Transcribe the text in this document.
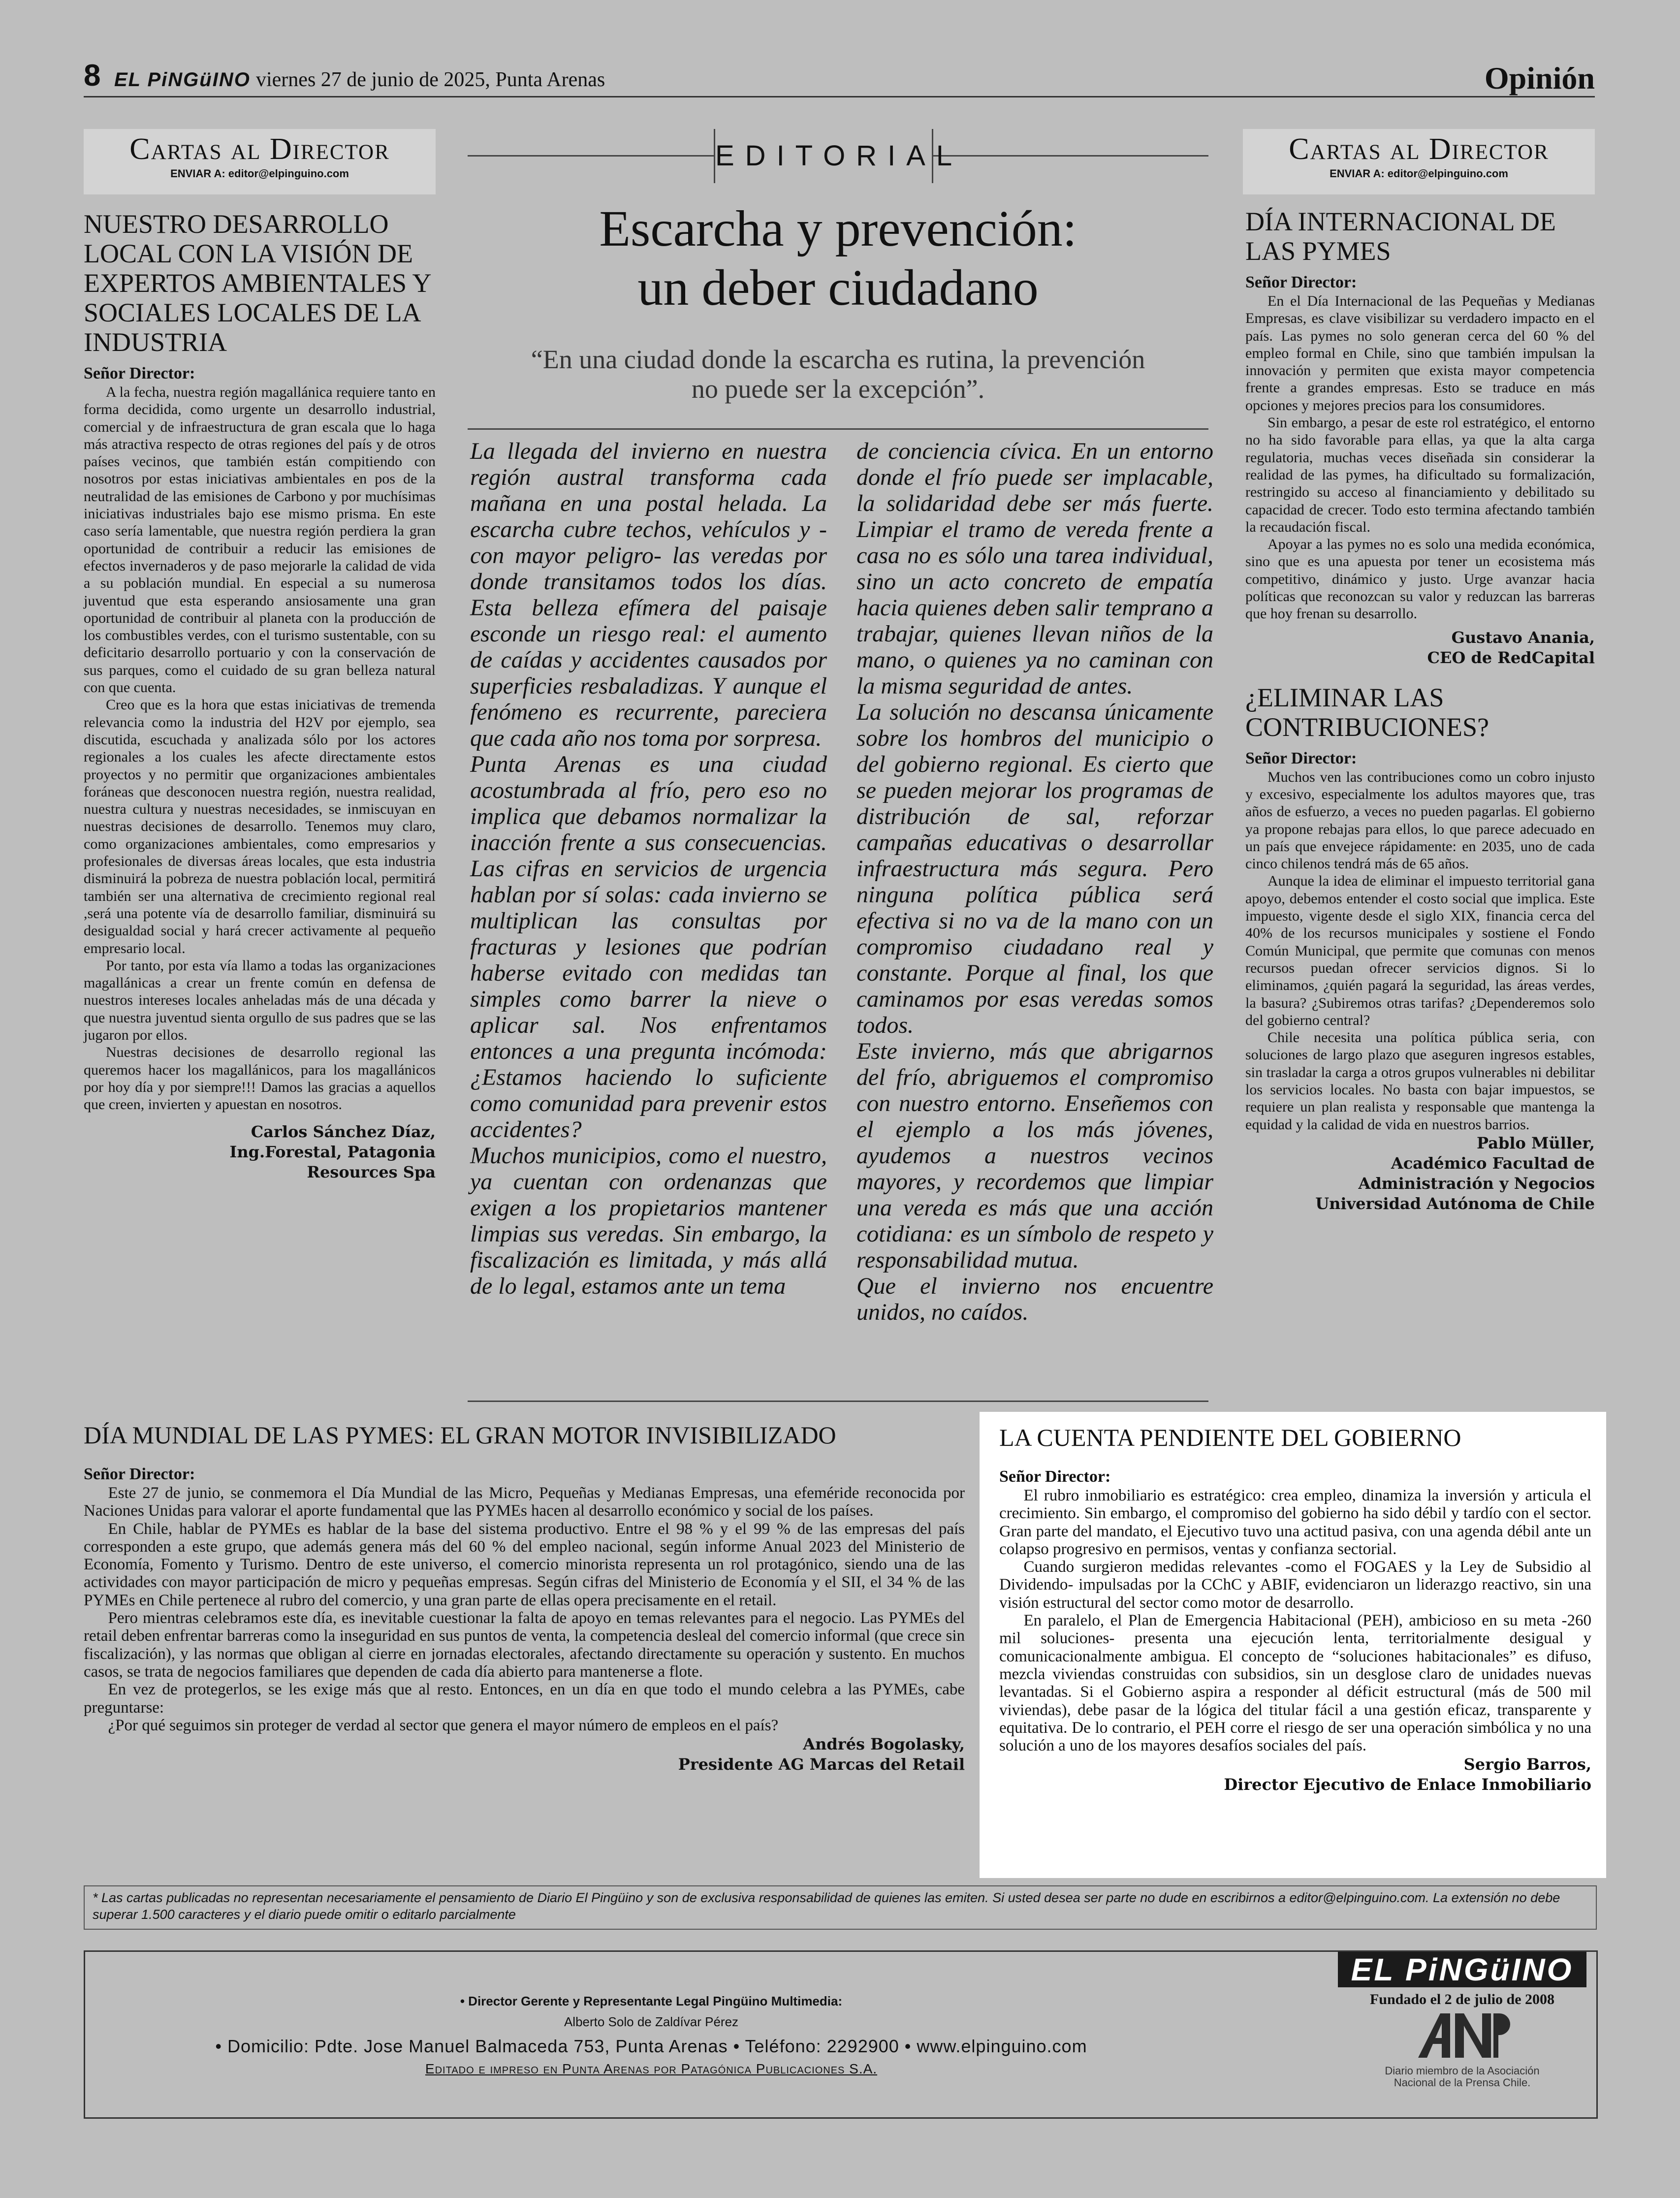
8 EL PiNGüINO viernes 27 de junio de 2025, Punta Arenas	Opinión
Cartas al Director
ENVIAR A: editor@elpinguino.com
NUESTRO DESARROLLO LOCAL CON LA VISIÓN DE EXPERTOS AMBIENTALES Y SOCIALES LOCALES DE LA INDUSTRIA
Señor Director:

A la fecha, nuestra región magallánica requiere tanto en forma decidida, como urgente un desarrollo industrial, comercial y de infraestructura de gran escala que lo haga más atractiva respecto de otras regiones del país y de otros países vecinos, que también están compitiendo con nosotros por estas iniciativas ambientales en pos de la neutralidad de las emisiones de Carbono y por muchísimas iniciativas industriales bajo ese mismo prisma. En este caso sería lamentable, que nuestra región perdiera la gran oportunidad de contribuir a reducir las emisiones de efectos invernaderos y de paso mejorarle la calidad de vida a su población mundial. En especial a su numerosa juventud que esta esperando ansiosamente una gran oportunidad de contribuir al planeta con la producción de los combustibles verdes, con el turismo sustentable, con su deficitario desarrollo portuario y con la conservación de sus parques, como el cuidado de su gran belleza natural con que cuenta.

Creo que es la hora que estas iniciativas de tremenda relevancia como la industria del H2V por ejemplo, sea discutida, escuchada y analizada sólo por los actores regionales a los cuales les afecte directamente estos proyectos y no permitir que organizaciones ambientales foráneas que desconocen nuestra región, nuestra realidad, nuestra cultura y nuestras necesidades, se inmiscuyan en nuestras decisiones de desarrollo. Tenemos muy claro, como organizaciones ambientales, como empresarios y profesionales de diversas áreas locales, que esta industria disminuirá la pobreza de nuestra población local, permitirá también ser una alternativa de crecimiento regional real ,será una potente vía de desarrollo familiar, disminuirá su desigualdad social y hará crecer activamente al pequeño empresario local.

Por tanto, por esta vía llamo a todas las organizaciones magallánicas a crear un frente común en defensa de nuestros intereses locales anheladas más de una década y que nuestra juventud sienta orgullo de sus padres que se las jugaron por ellos.

Nuestras decisiones de desarrollo regional las queremos hacer los magallánicos, para los magallánicos por hoy día y por siempre!!! Damos las gracias a aquellos que creen, invierten y apuestan en nosotros.

Carlos Sánchez Díaz,
Ing.Forestal, Patagonia
Resources Spa
EDITORIAL
Escarcha y prevención:
un deber ciudadano
“En una ciudad donde la escarcha es rutina, la prevención
no puede ser la excepción”.

La llegada del invierno en nuestra región austral transforma cada mañana en una postal helada. La escarcha cubre techos, vehículos y -con mayor peligro- las veredas por donde transitamos todos los días. Esta belleza efímera del paisaje esconde un riesgo real: el aumento de caídas y accidentes causados por superficies resbaladizas. Y aunque el fenómeno es recurrente, pareciera que cada año nos toma por sorpresa.

Punta Arenas es una ciudad acostumbrada al frío, pero eso no implica que debamos normalizar la inacción frente a sus consecuencias. Las cifras en servicios de urgencia hablan por sí solas: cada invierno se multiplican las consultas por fracturas y lesiones que podrían haberse evitado con medidas tan simples como barrer la nieve o aplicar sal. Nos enfrentamos entonces a una pregunta incómoda: ¿Estamos haciendo lo suficiente como comunidad para prevenir estos accidentes?

Muchos municipios, como el nuestro, ya cuentan con ordenanzas que exigen a los propietarios mantener limpias sus veredas. Sin embargo, la fiscalización es limitada, y más allá de lo legal, estamos ante un tema

de conciencia cívica. En un entorno donde el frío puede ser implacable, la solidaridad debe ser más fuerte. Limpiar el tramo de vereda frente a casa no es sólo una tarea individual, sino un acto concreto de empatía hacia quienes deben salir temprano a trabajar, quienes llevan niños de la mano, o quienes ya no caminan con la misma seguridad de antes.

La solución no descansa únicamente sobre los hombros del municipio o del gobierno regional. Es cierto que se pueden mejorar los programas de distribución de sal, reforzar campañas educativas o desarrollar infraestructura más segura. Pero ninguna política pública será efectiva si no va de la mano con un compromiso ciudadano real y constante. Porque al final, los que caminamos por esas veredas somos todos.

Este invierno, más que abrigarnos del frío, abriguemos el compromiso con nuestro entorno. Enseñemos con el ejemplo a los más jóvenes, ayudemos a nuestros vecinos mayores, y recordemos que limpiar una vereda es más que una acción cotidiana: es un símbolo de respeto y responsabilidad mutua.

Que el invierno nos encuentre unidos, no caídos.

Cartas al Director
ENVIAR A: editor@elpinguino.com
DÍA INTERNACIONAL DE LAS PYMES
Señor Director:

En el Día Internacional de las Pequeñas y Medianas Empresas, es clave visibilizar su verdadero impacto en el país. Las pymes no solo generan cerca del 60 % del empleo formal en Chile, sino que también impulsan la innovación y permiten que exista mayor competencia frente a grandes empresas. Esto se traduce en más opciones y mejores precios para los consumidores.

Sin embargo, a pesar de este rol estratégico, el entorno no ha sido favorable para ellas, ya que la alta carga regulatoria, muchas veces diseñada sin considerar la realidad de las pymes, ha dificultado su formalización, restringido su acceso al financiamiento y debilitado su capacidad de crecer. Todo esto termina afectando también la recaudación fiscal.

Apoyar a las pymes no es solo una medida económica, sino que es una apuesta por tener un ecosistema más competitivo, dinámico y justo. Urge avanzar hacia políticas que reconozcan su valor y reduzcan las barreras que hoy frenan su desarrollo.

Gustavo Anania,
CEO de RedCapital
¿ELIMINAR LAS CONTRIBUCIONES?
Señor Director:

Muchos ven las contribuciones como un cobro injusto y excesivo, especialmente los adultos mayores que, tras años de esfuerzo, a veces no pueden pagarlas. El gobierno ya propone rebajas para ellos, lo que parece adecuado en un país que envejece rápidamente: en 2035, uno de cada cinco chilenos tendrá más de 65 años.

Aunque la idea de eliminar el impuesto territorial gana apoyo, debemos entender el costo social que implica. Este impuesto, vigente desde el siglo XIX, financia cerca del 40% de los recursos municipales y sostiene el Fondo Común Municipal, que permite que comunas con menos recursos puedan ofrecer servicios dignos. Si lo eliminamos, ¿quién pagará la seguridad, las áreas verdes, la basura? ¿Subiremos otras tarifas? ¿Dependeremos solo del gobierno central?

Chile necesita una política pública seria, con soluciones de largo plazo que aseguren ingresos estables, sin trasladar la carga a otros grupos vulnerables ni debilitar los servicios locales. No basta con bajar impuestos, se requiere un plan realista y responsable que mantenga la equidad y la calidad de vida en nuestros barrios.

Pablo Müller,
Académico Facultad de
Administración y Negocios
Universidad Autónoma de Chile
DÍA MUNDIAL DE LAS PYMES: EL GRAN MOTOR INVISIBILIZADO
Señor Director:

Este 27 de junio, se conmemora el Día Mundial de las Micro, Pequeñas y Medianas Empresas, una efeméride reconocida por Naciones Unidas para valorar el aporte fundamental que las PYMEs hacen al desarrollo económico y social de los países.

En Chile, hablar de PYMEs es hablar de la base del sistema productivo. Entre el 98 % y el 99 % de las empresas del país corresponden a este grupo, que además genera más del 60 % del empleo nacional, según informe Anual 2023 del Ministerio de Economía, Fomento y Turismo. Dentro de este universo, el comercio minorista representa un rol protagónico, siendo una de las actividades con mayor participación de micro y pequeñas empresas. Según cifras del Ministerio de Economía y el SII, el 34 % de las PYMEs en Chile pertenece al rubro del comercio, y una gran parte de ellas opera precisamente en el retail.

Pero mientras celebramos este día, es inevitable cuestionar la falta de apoyo en temas relevantes para el negocio. Las PYMEs del retail deben enfrentar barreras como la inseguridad en sus puntos de venta, la competencia desleal del comercio informal (que crece sin fiscalización), y las normas que obligan al cierre en jornadas electorales, afectando directamente su operación y sustento. En muchos casos, se trata de negocios familiares que dependen de cada día abierto para mantenerse a flote.

En vez de protegerlos, se les exige más que al resto. Entonces, en un día en que todo el mundo celebra a las PYMEs, cabe preguntarse:

¿Por qué seguimos sin proteger de verdad al sector que genera el mayor número de empleos en el país?

Andrés Bogolasky,
Presidente AG Marcas del Retail
LA CUENTA PENDIENTE DEL GOBIERNO
Señor Director:

El rubro inmobiliario es estratégico: crea empleo, dinamiza la inversión y articula el crecimiento. Sin embargo, el compromiso del gobierno ha sido débil y tardío con el sector. Gran parte del mandato, el Ejecutivo tuvo una actitud pasiva, con una agenda débil ante un colapso progresivo en permisos, ventas y confianza sectorial.

Cuando surgieron medidas relevantes -como el FOGAES y la Ley de Subsidio al Dividendo- impulsadas por la CChC y ABIF, evidenciaron un liderazgo reactivo, sin una visión estructural del sector como motor de desarrollo.

En paralelo, el Plan de Emergencia Habitacional (PEH), ambicioso en su meta -260 mil soluciones- presenta una ejecución lenta, territorialmente desigual y comunicacionalmente ambigua. El concepto de “soluciones habitacionales” es difuso, mezcla viviendas construidas con subsidios, sin un desglose claro de unidades nuevas levantadas. Si el Gobierno aspira a responder al déficit estructural (más de 500 mil viviendas), debe pasar de la lógica del titular fácil a una gestión eficaz, transparente y equitativa. De lo contrario, el PEH corre el riesgo de ser una operación simbólica y no una solución a uno de los mayores desafíos sociales del país.

Sergio Barros,
Director Ejecutivo de Enlace Inmobiliario
* Las cartas publicadas no representan necesariamente el pensamiento de Diario El Pingüino y son de exclusiva responsabilidad de quienes las emiten. Si usted desea ser parte no dude en escribirnos a editor@elpinguino.com. La extensión no debe superar 1.500 caracteres y el diario puede omitir o editarlo parcialmente
• Director Gerente y Representante Legal Pingüino Multimedia:
Alberto Solo de Zaldívar Pérez
• Domicilio: Pdte. Jose Manuel Balmaceda 753, Punta Arenas • Teléfono: 2292900 • www.elpinguino.com
Editado e impreso en Punta Arenas por Patagónica Publicaciones S.A.
EL PiNGüINO
Fundado el 2 de julio de 2008
Diario miembro de la Asociación
Nacional de la Prensa Chile.
